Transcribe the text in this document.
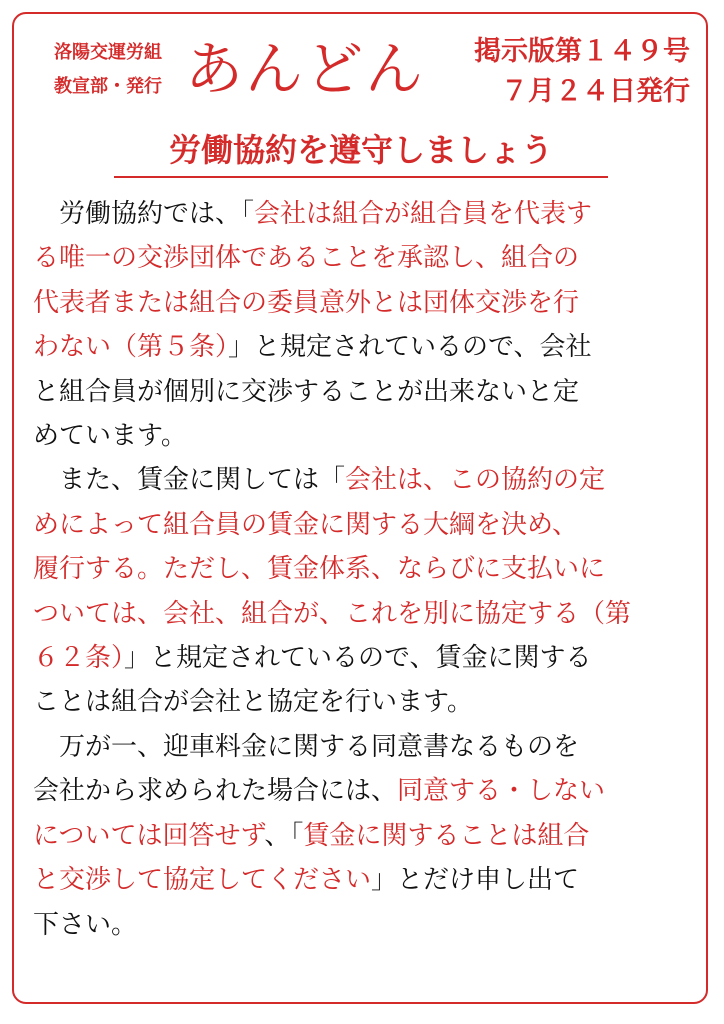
洛陽交運労組
教宣部・発行 あんどん	掲示版第１４９号
７月２４日発行
労働協約を遵守しましょう
　労働協約では、「会社は組合が組合員を代表す
る唯一の交渉団体であることを承認し、組合の
代表者または組合の委員意外とは団体交渉を行
わない（第５条）」と規定されているので、会社
と組合員が個別に交渉することが出来ないと定
めています。
　また、賃金に関しては「会社は、この協約の定
めによって組合員の賃金に関する大綱を決め、
履行する。ただし、賃金体系、ならびに支払いに
ついては、会社、組合が、これを別に協定する（第
６２条）」と規定されているので、賃金に関する
ことは組合が会社と協定を行います。
　万が一、迎車料金に関する同意書なるものを
会社から求められた場合には、同意する・しない
については回答せず、「賃金に関することは組合
と交渉して協定してください」とだけ申し出て
下さい。
